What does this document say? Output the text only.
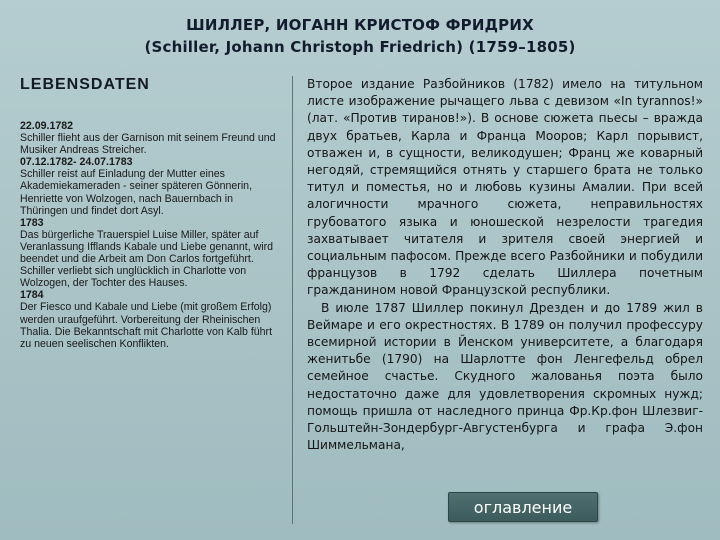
ШИЛЛЕР, ИОГАНН КРИСТОФ ФРИДРИХ
(Schiller, Johann Christoph Friedrich) (1759–1805)
LEBENSDATEN
22.09.1782
Schiller flieht aus der Garnison mit seinem Freund und Musiker Andreas Streicher.
07.12.1782- 24.07.1783
Schiller reist auf Einladung der Mutter eines Akademiekameraden - seiner späteren Gönnerin, Henriette von Wolzogen, nach Bauernbach in Thüringen und findet dort Asyl.
1783
Das bürgerliche Trauerspiel Luise Miller, später auf Veranlassung Ifflands Kabale und Liebe genannt, wird beendet und die Arbeit am Don Carlos fortgeführt. Schiller verliebt sich unglücklich in Charlotte von Wolzogen, der Tochter des Hauses.
1784
Der Fiesco und Kabale und Liebe (mit großem Erfolg) werden uraufgeführt. Vorbereitung der Rheinischen Thalia. Die Bekanntschaft mit Charlotte von Kalb führt zu neuen seelischen Konflikten.

Второе издание Разбойников (1782) имело на титульном листе изображение рычащего льва с девизом «In tyrannos!» (лат. «Против тиранов!»). В основе сюжета пьесы – вражда двух братьев, Карла и Франца Мооров; Карл порывист, отважен и, в сущности, великодушен; Франц же коварный негодяй, стремящийся отнять у старшего брата не только титул и поместья, но и любовь кузины Амалии. При всей алогичности мрачного сюжета, неправильностях грубоватого языка и юношеской незрелости трагедия захватывает читателя и зрителя своей энергией и социальным пафосом. Прежде всего Разбойники и побудили французов в 1792 сделать Шиллера почетным гражданином новой Французской республики.

В июле 1787 Шиллер покинул Дрезден и до 1789 жил в Веймаре и его окрестностях. В 1789 он получил профессуру всемирной истории в Йенском университете, а благодаря женитьбе (1790) на Шарлотте фон Ленгефельд обрел семейное счастье. Скудного жалованья поэта было недостаточно даже для удовлетворения скромных нужд; помощь пришла от наследного принца Фр.Кр.фон Шлезвиг-Гольштейн-Зондербург-Августенбурга и графа Э.фон Шиммельмана,

оглавление
